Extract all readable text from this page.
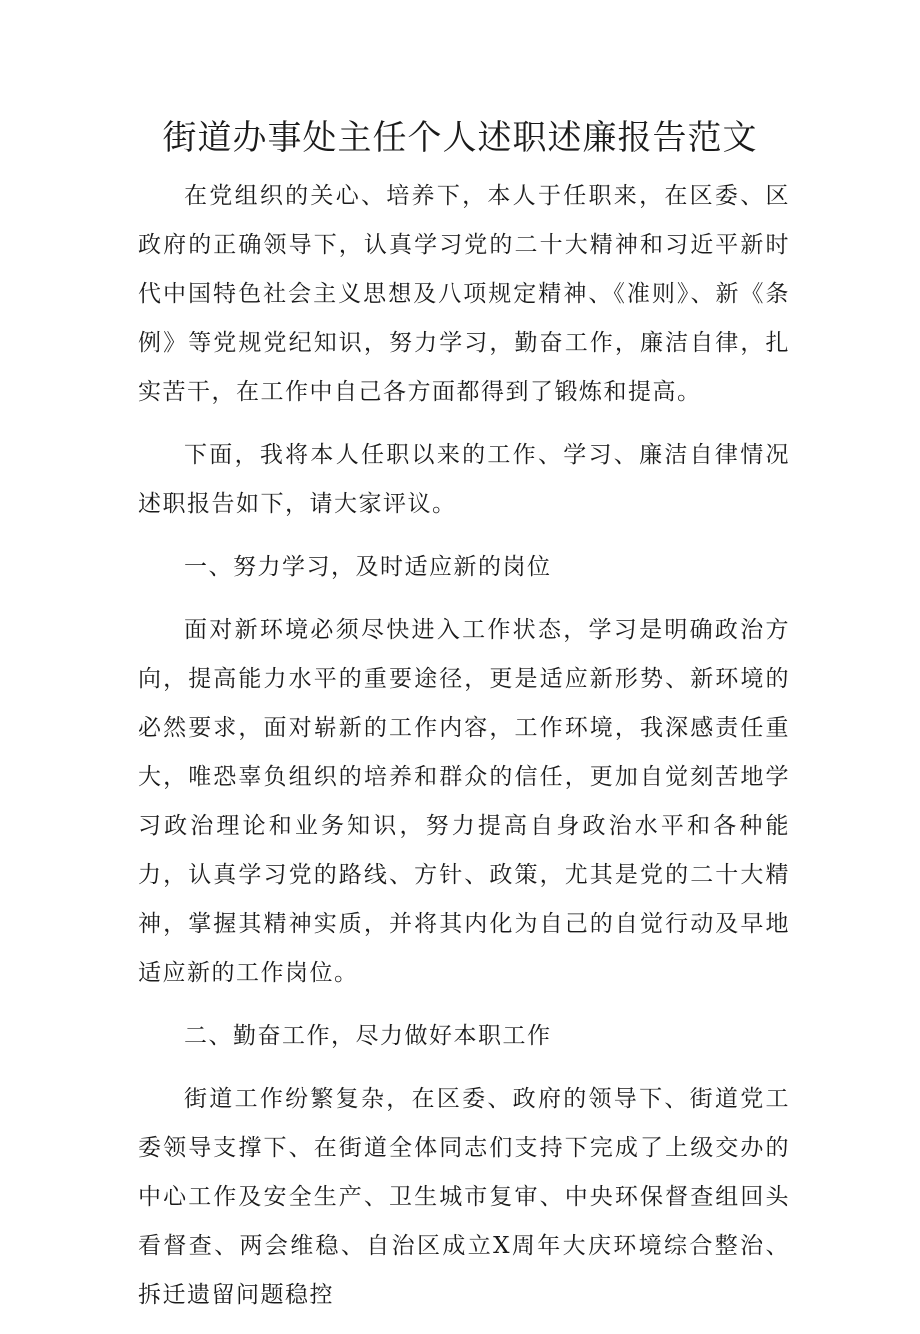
街道办事处主任个人述职述廉报告范文

在党组织的关心、培养下，本人于任职来，在区委、区政府的正确领导下，认真学习党的二十大精神和习近平新时代中国特色社会主义思想及八项规定精神、《准则》、新《条例》等党规党纪知识，努力学习，勤奋工作，廉洁自律，扎实苦干，在工作中自己各方面都得到了锻炼和提高。

下面，我将本人任职以来的工作、学习、廉洁自律情况述职报告如下，请大家评议。

一、努力学习，及时适应新的岗位

面对新环境必须尽快进入工作状态，学习是明确政治方向，提高能力水平的重要途径，更是适应新形势、新环境的必然要求，面对崭新的工作内容，工作环境，我深感责任重大，唯恐辜负组织的培养和群众的信任，更加自觉刻苦地学习政治理论和业务知识，努力提高自身政治水平和各种能力，认真学习党的路线、方针、政策，尤其是党的二十大精神，掌握其精神实质，并将其内化为自己的自觉行动及早地适应新的工作岗位。

二、勤奋工作，尽力做好本职工作

街道工作纷繁复杂，在区委、政府的领导下、街道党工委领导支撑下、在街道全体同志们支持下完成了上级交办的中心工作及安全生产、卫生城市复审、中央环保督查组回头看督查、两会维稳、自治区成立X周年大庆环境综合整治、拆迁遗留问题稳控
